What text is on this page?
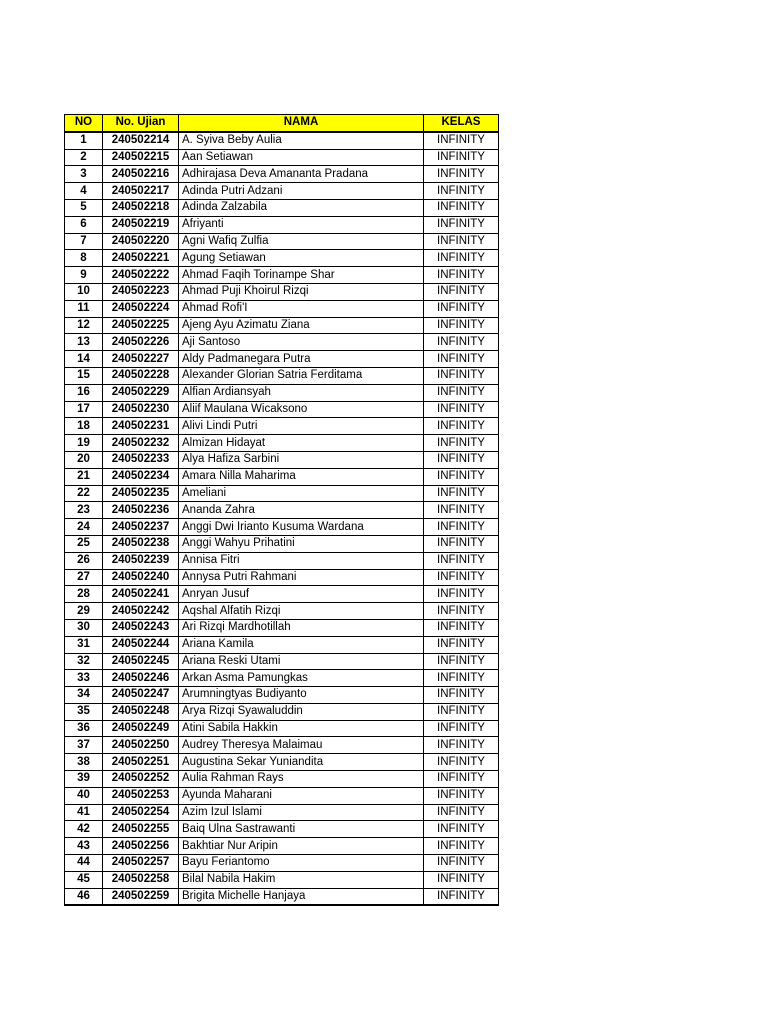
NO	No. Ujian	NAMA	KELAS
1	240502214	A. Syiva Beby Aulia	INFINITY
2	240502215	Aan Setiawan	INFINITY
3	240502216	Adhirajasa Deva Amananta Pradana	INFINITY
4	240502217	Adinda Putri Adzani	INFINITY
5	240502218	Adinda Zalzabila	INFINITY
6	240502219	Afriyanti	INFINITY
7	240502220	Agni Wafiq Zulfia	INFINITY
8	240502221	Agung Setiawan	INFINITY
9	240502222	Ahmad Faqih Torinampe Shar	INFINITY
10	240502223	Ahmad Puji Khoirul Rizqi	INFINITY
11	240502224	Ahmad Rofi'I	INFINITY
12	240502225	Ajeng Ayu Azimatu Ziana	INFINITY
13	240502226	Aji Santoso	INFINITY
14	240502227	Aldy Padmanegara Putra	INFINITY
15	240502228	Alexander Glorian Satria Ferditama	INFINITY
16	240502229	Alfian Ardiansyah	INFINITY
17	240502230	Aliif Maulana Wicaksono	INFINITY
18	240502231	Alivi Lindi Putri	INFINITY
19	240502232	Almizan Hidayat	INFINITY
20	240502233	Alya Hafiza Sarbini	INFINITY
21	240502234	Amara Nilla Maharima	INFINITY
22	240502235	Ameliani	INFINITY
23	240502236	Ananda Zahra	INFINITY
24	240502237	Anggi Dwi Irianto Kusuma Wardana	INFINITY
25	240502238	Anggi Wahyu Prihatini	INFINITY
26	240502239	Annisa Fitri	INFINITY
27	240502240	Annysa Putri Rahmani	INFINITY
28	240502241	Anryan Jusuf	INFINITY
29	240502242	Aqshal Alfatih Rizqi	INFINITY
30	240502243	Ari Rizqi Mardhotillah	INFINITY
31	240502244	Ariana Kamila	INFINITY
32	240502245	Ariana Reski Utami	INFINITY
33	240502246	Arkan Asma Pamungkas	INFINITY
34	240502247	Arumningtyas Budiyanto	INFINITY
35	240502248	Arya Rizqi Syawaluddin	INFINITY
36	240502249	Atini Sabila Hakkin	INFINITY
37	240502250	Audrey Theresya Malaimau	INFINITY
38	240502251	Augustina Sekar Yuniandita	INFINITY
39	240502252	Aulia Rahman Rays	INFINITY
40	240502253	Ayunda Maharani	INFINITY
41	240502254	Azim Izul Islami	INFINITY
42	240502255	Baiq Ulna Sastrawanti	INFINITY
43	240502256	Bakhtiar Nur Aripin	INFINITY
44	240502257	Bayu Feriantomo	INFINITY
45	240502258	Bilal Nabila Hakim	INFINITY
46	240502259	Brigita Michelle Hanjaya	INFINITY
